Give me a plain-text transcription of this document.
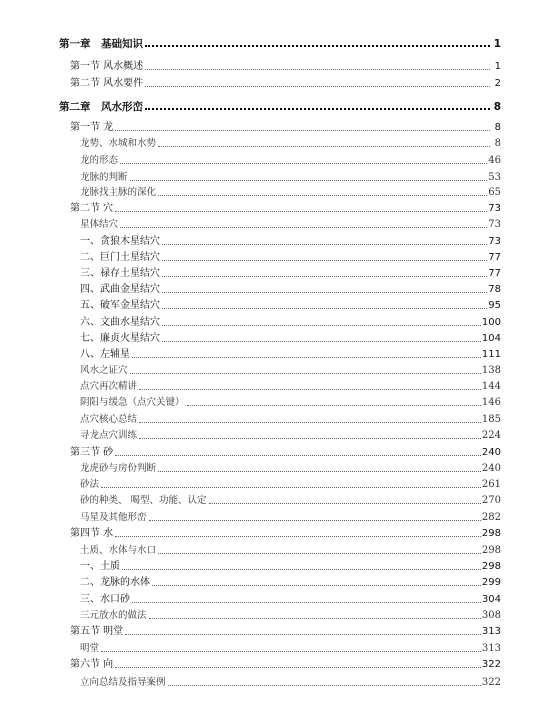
第一章　基础知识	1
第一节 风水概述	1
第二节 风水要件	2
第二章　风水形峦	8
第一节 龙	8
龙势、水城和水势	8
龙的形态	46
龙脉的判断	53
龙脉找主脉的深化	65
第二节 穴	73
星体结穴	73
一、贪狼木星结穴	73
二、巨门土星结穴	77
三、禄存土星结穴	77
四、武曲金星结穴	78
五、破军金星结穴	95
六、文曲水星结穴	100
七、廉贞火星结穴	104
八、左辅星	111
风水之证穴	138
点穴再次精讲	144
阴阳与缓急（点穴关键）	146
点穴核心总结	185
寻龙点穴训练	224
第三节 砂	240
龙虎砂与房份判断	240
砂法	261
砂的种类、 喝型、功能、认定	270
马星及其他形峦	282
第四节 水	298
土质、水体与水口	298
一、土质	298
二、龙脉的水体	299
三、水口砂	304
三元放水的做法	308
第五节 明堂	313
明堂	313
第六节 向	322
立向总结及指导案例	322
